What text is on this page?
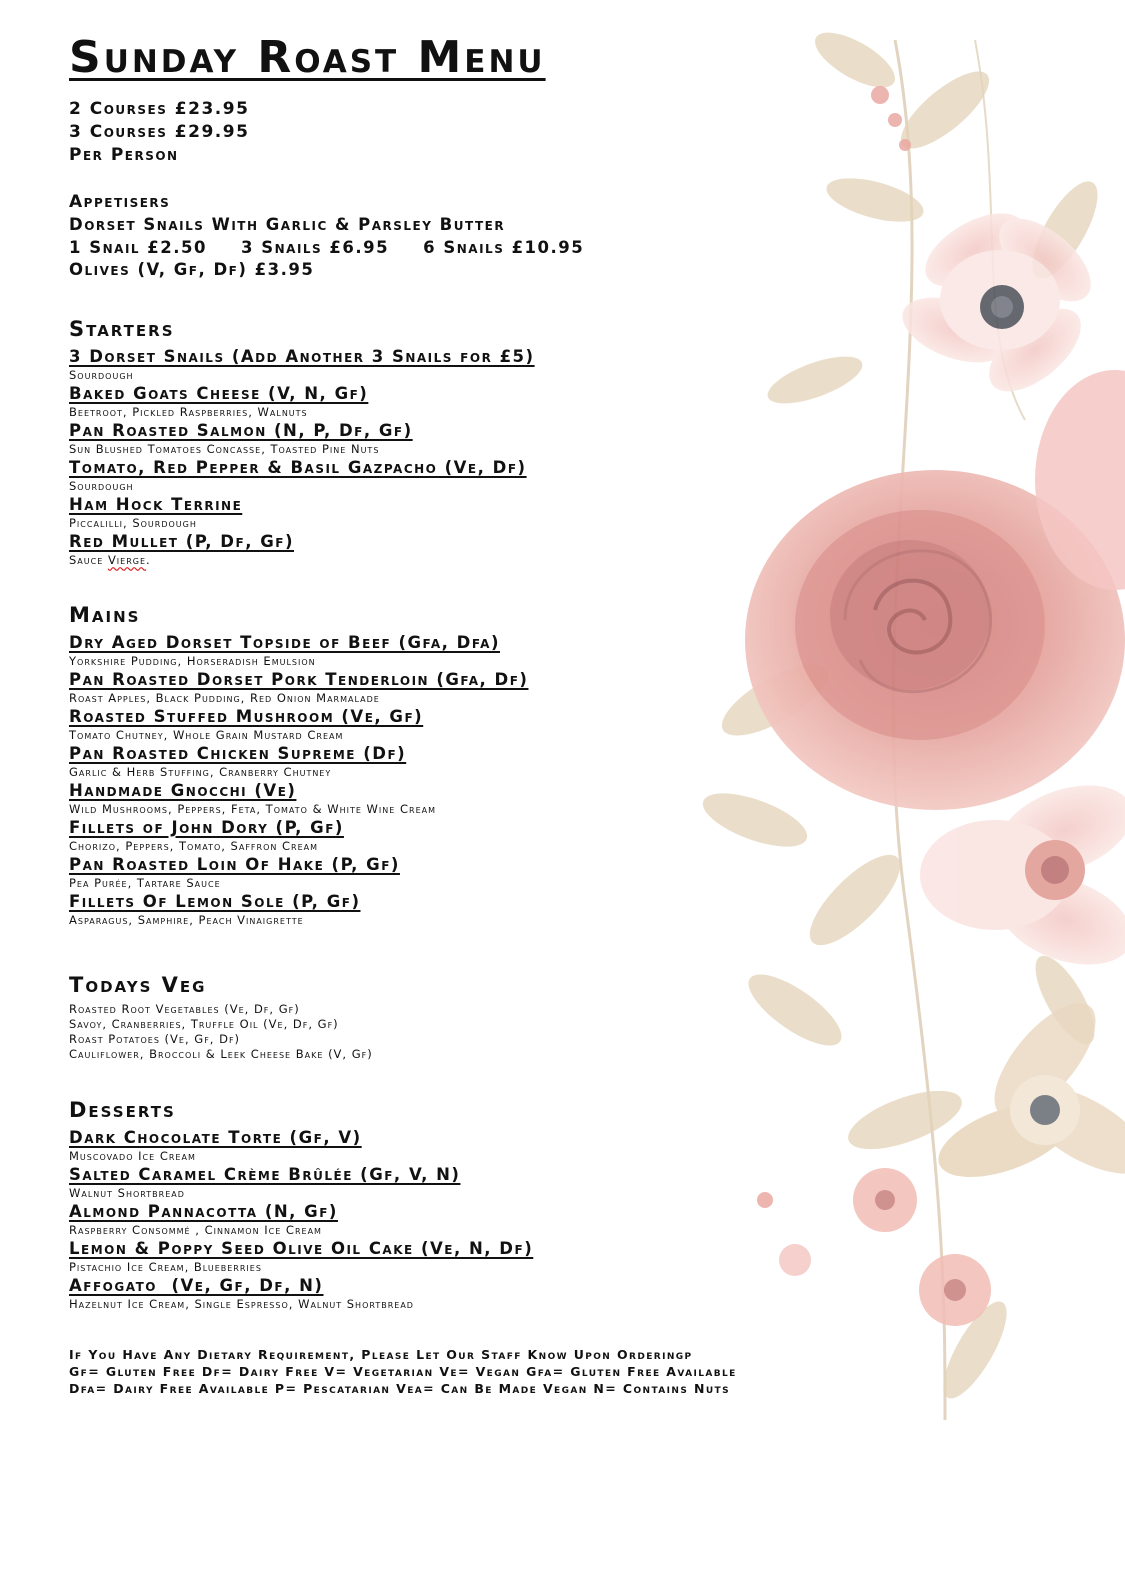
Sunday Roast Menu
2 Courses £23.95
3 Courses £29.95
Per Person
Appetisers
Dorset Snails With Garlic & Parsley Butter
1 Snail £2.50 3 Snails £6.95 6 Snails £10.95
Olives (V, Gf, Df) £3.95
Starters
3 Dorset Snails (Add Another 3 Snails for £5)
Sourdough
Baked Goats Cheese (V, N, Gf)
Beetroot, Pickled Raspberries, Walnuts
Pan Roasted Salmon (N, P, Df, Gf)
Sun Blushed Tomatoes Concasse, Toasted Pine Nuts
Tomato, Red Pepper & Basil Gazpacho (Ve, Df)
Sourdough
Ham Hock Terrine
Piccalilli, Sourdough
Red Mullet (P, Df, Gf)
Sauce Vierge.
Mains
Dry Aged Dorset Topside of Beef (Gfa, Dfa)
Yorkshire Pudding, Horseradish Emulsion
Pan Roasted Dorset Pork Tenderloin (Gfa, Df)
Roast Apples, Black Pudding, Red Onion Marmalade
Roasted Stuffed Mushroom (Ve, Gf)
Tomato Chutney, Whole Grain Mustard Cream
Pan Roasted Chicken Supreme (Df)
Garlic & Herb Stuffing, Cranberry Chutney
Handmade Gnocchi (Ve)
Wild Mushrooms, Peppers, Feta, Tomato & White Wine Cream
Fillets of John Dory (P, Gf)
Chorizo, Peppers, Tomato, Saffron Cream
Pan Roasted Loin Of Hake (P, Gf)
Pea Purée, Tartare Sauce
Fillets Of Lemon Sole (P, Gf)
Asparagus, Samphire, Peach Vinaigrette
Todays Veg
Roasted Root Vegetables (Ve, Df, Gf)
Savoy, Cranberries, Truffle Oil (Ve, Df, Gf)
Roast Potatoes (Ve, Gf, Df)
Cauliflower, Broccoli & Leek Cheese Bake (V, Gf)
Desserts
Dark Chocolate Torte (Gf, V)
Muscovado Ice Cream
Salted Caramel Crème Brûlée (Gf, V, N)
Walnut Shortbread
Almond Pannacotta (N, Gf)
Raspberry Consommé , Cinnamon Ice Cream
Lemon & Poppy Seed Olive Oil Cake (Ve, N, Df)
Pistachio Ice Cream, Blueberries
Affogato  (Ve, Gf, Df, N)
Hazelnut Ice Cream, Single Espresso, Walnut Shortbread
If You Have Any Dietary Requirement, Please Let Our Staff Know Upon Orderingp
Gf= Gluten Free Df= Dairy Free V= Vegetarian Ve= Vegan Gfa= Gluten Free Available
Dfa= Dairy Free Available P= Pescatarian Vea= Can Be Made Vegan N= Contains Nuts
